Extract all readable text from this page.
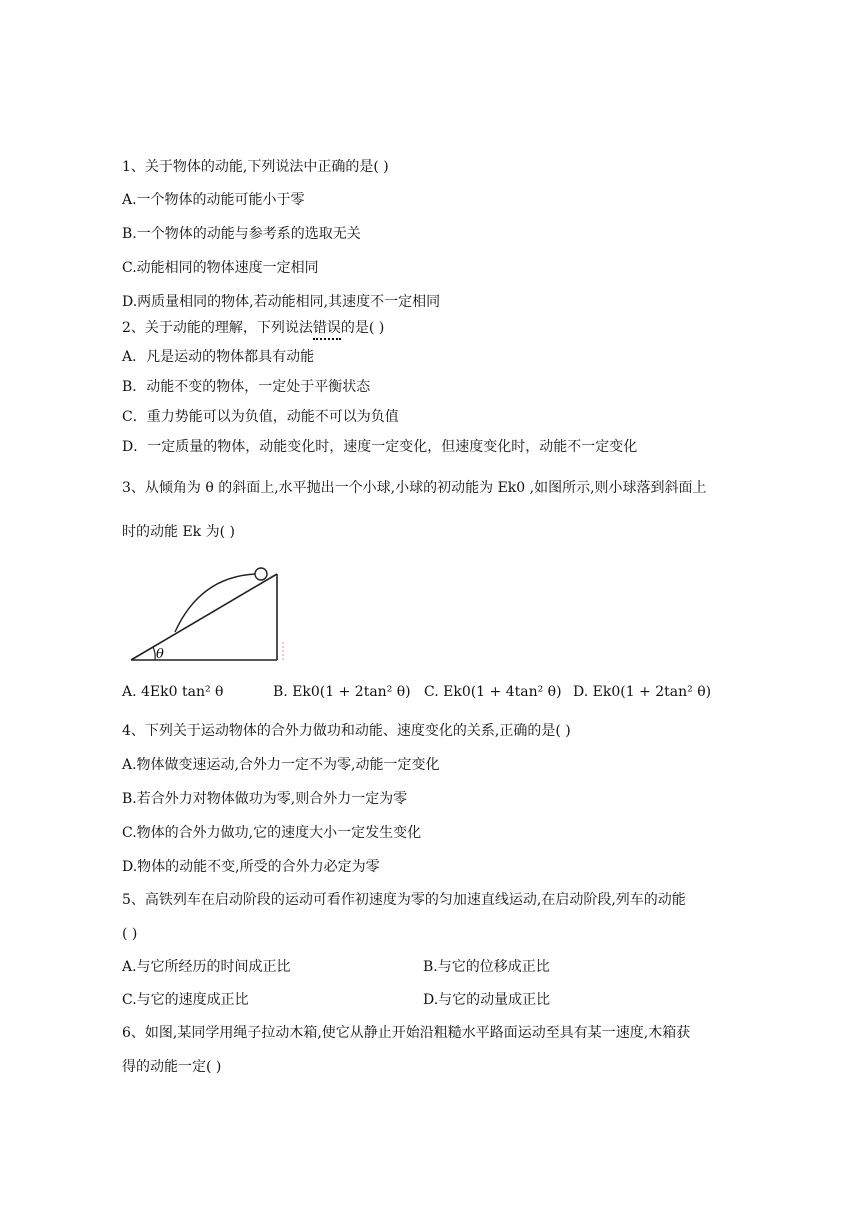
1、关于物体的动能,下列说法中正确的是( )
A.一个物体的动能可能小于零
B.一个物体的动能与参考系的选取无关
C.动能相同的物体速度一定相同
D.两质量相同的物体,若动能相同,其速度不一定相同
2、关于动能的理解，下列说法错误的是( )
A．凡是运动的物体都具有动能
B．动能不变的物体，一定处于平衡状态
C．重力势能可以为负值，动能不可以为负值
D．一定质量的物体，动能变化时，速度一定变化，但速度变化时，动能不一定变化
3、从倾角为 θ 的斜面上,水平抛出一个小球,小球的初动能为 Ek0 ,如图所示,则小球落到斜面上
时的动能 Ek 为( )
θ
A. 4Ek0 tan² θ	B. Ek0(1 + 2tan² θ) C. Ek0(1 + 4tan² θ) D. Ek0(1 + 2tan² θ)
4、下列关于运动物体的合外力做功和动能、速度变化的关系,正确的是( )
A.物体做变速运动,合外力一定不为零,动能一定变化
B.若合外力对物体做功为零,则合外力一定为零
C.物体的合外力做功,它的速度大小一定发生变化
D.物体的动能不变,所受的合外力必定为零
5、高铁列车在启动阶段的运动可看作初速度为零的匀加速直线运动,在启动阶段,列车的动能
( )
A.与它所经历的时间成正比	B.与它的位移成正比
C.与它的速度成正比	D.与它的动量成正比
6、如图,某同学用绳子拉动木箱,使它从静止开始沿粗糙水平路面运动至具有某一速度,木箱获
得的动能一定( )
